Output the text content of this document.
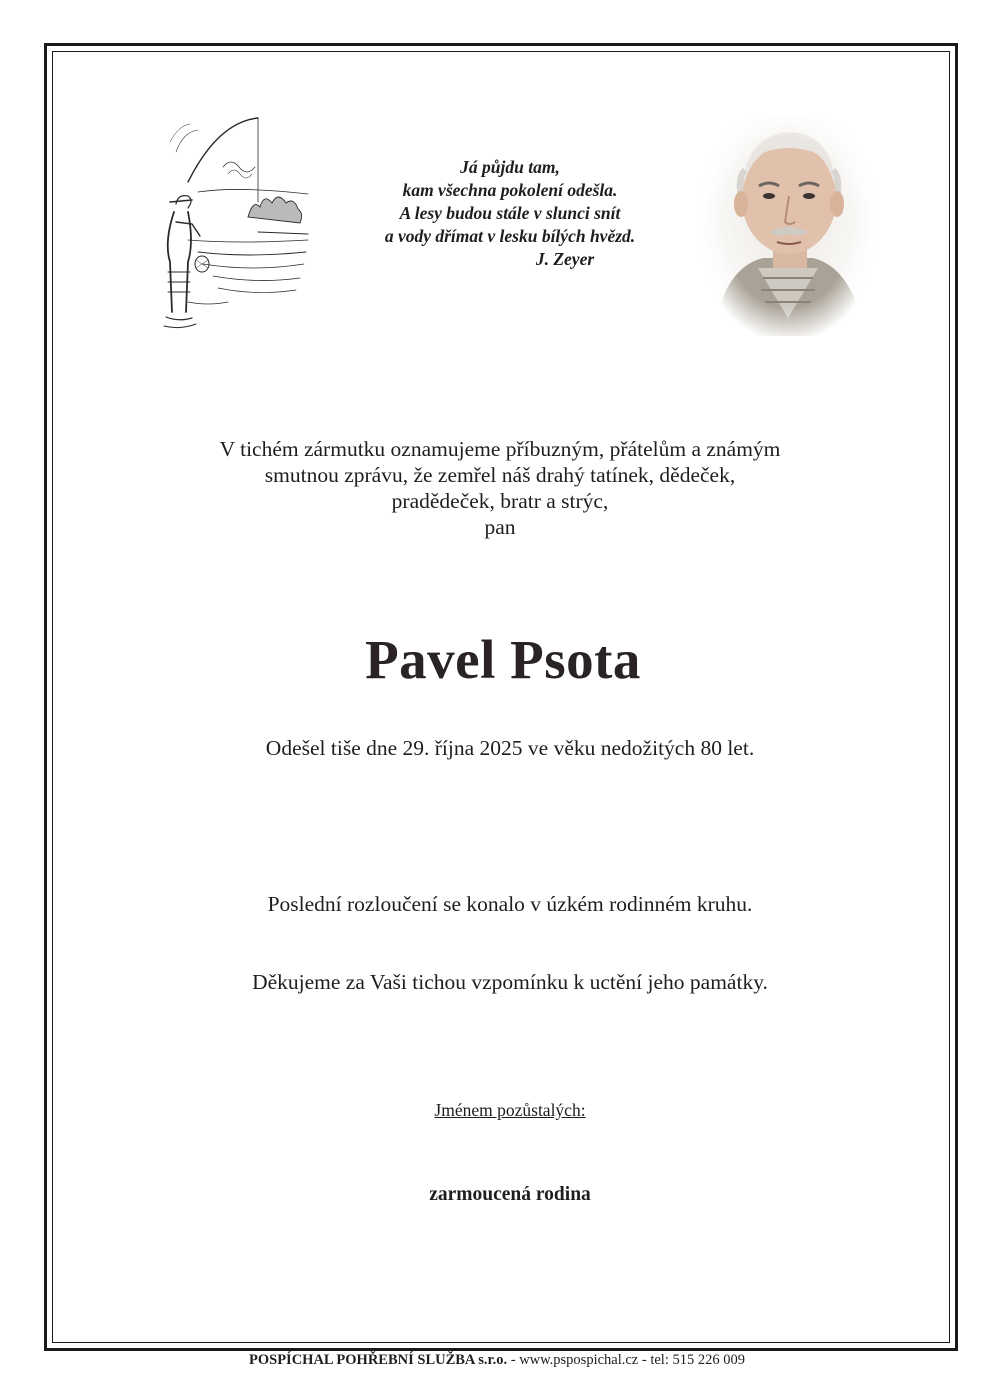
Já půjdu tam,
kam všechna pokolení odešla.
A lesy budou stále v slunci snít
a vody dřímat v lesku bílých hvězd.
J. Zeyer
V tichém zármutku oznamujeme příbuzným, přátelům a známým
smutnou zprávu, že zemřel náš drahý tatínek, dědeček,
pradědeček, bratr a strýc,
pan
Pavel Psota
Odešel tiše dne 29. října 2025 ve věku nedožitých 80 let.
Poslední rozloučení se konalo v úzkém rodinném kruhu.
Děkujeme za Vaši tichou vzpomínku k uctění jeho památky.
Jménem pozůstalých:
zarmoucená rodina
POSPÍCHAL POHŘEBNÍ SLUŽBA s.r.o. - www.pspospichal.cz - tel: 515 226 009
